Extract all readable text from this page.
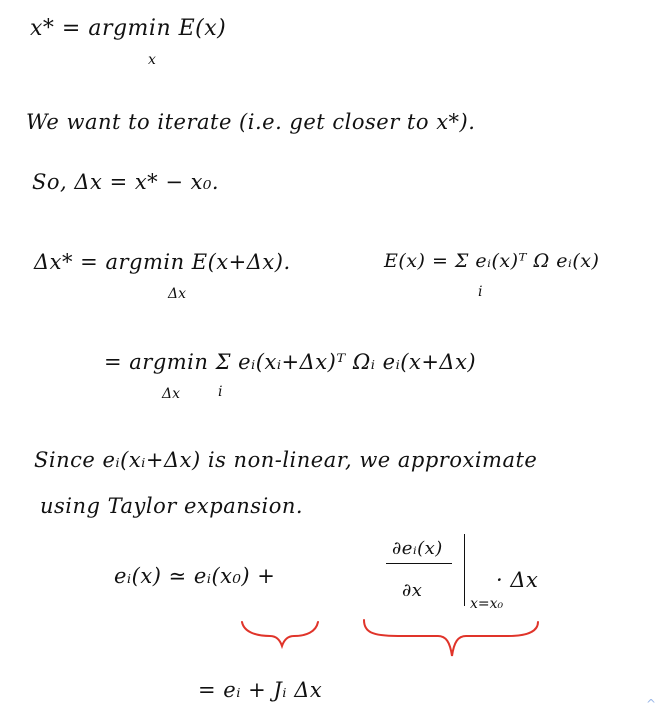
x* = argmin E(x)
x
We want to iterate (i.e. get closer to x*).
So, Δx = x* − x₀.
Δx* = argmin E(x+Δx).
Δx
E(x) = Σ eᵢ(x)ᵀ Ω eᵢ(x)
i
= argmin Σ eᵢ(xᵢ+Δx)ᵀ Ωᵢ eᵢ(x+Δx)
Δx	i
Since eᵢ(xᵢ+Δx) is non-linear, we approximate
using Taylor expansion.
eᵢ(x) ≃ eᵢ(x₀) +
∂eᵢ(x)
∂x
x=x₀
· Δx
= eᵢ + Jᵢ Δx
^
